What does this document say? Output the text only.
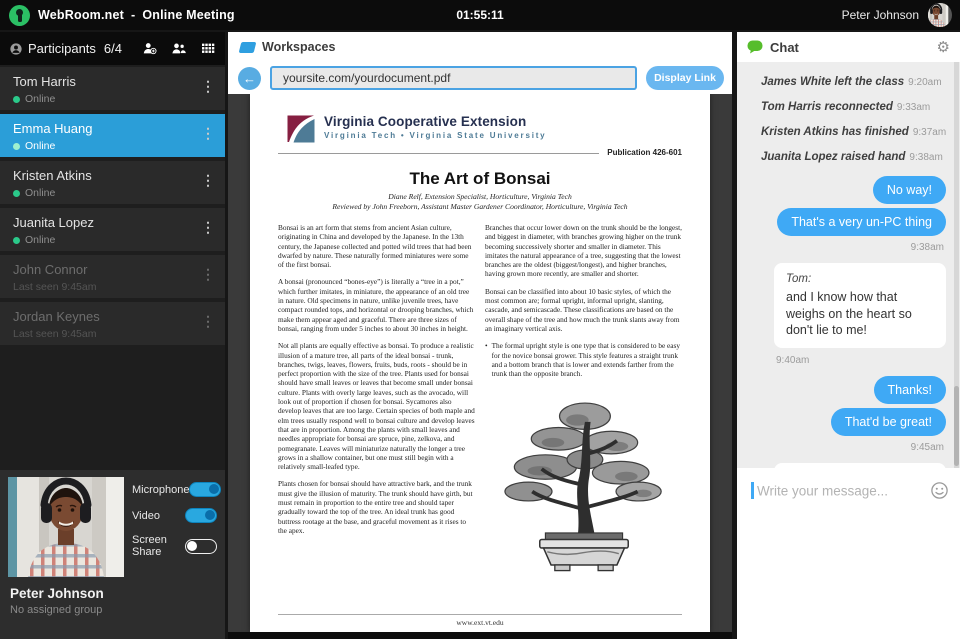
WebRoom.net - Online Meeting	01:55:11	Peter Johnson
Participants 6/4
Tom Harris
Online
⋮
Emma Huang
Online
⋮
Kristen Atkins
Online
⋮
Juanita Lopez
Online
⋮
John Connor
Last seen 9:45am
⋮
Jordan Keynes
Last seen 9:45am
⋮
Peter Johnson
No assigned group
Microphone
Video
Screen Share
Workspaces
←
yoursite.com/yourdocument.pdf	Display Link
Virginia Cooperative Extension
Virginia Tech • Virginia State University
Publication 426-601
The Art of Bonsai
Diane Relf, Extension Specialist, Horticulture, Virginia Tech
Reviewed by John Freeborn, Assistant Master Gardener Coordinator, Horticulture, Virginia Tech

Bonsai is an art form that stems from ancient Asian culture, originating in China and developed by the Japanese. In the 13th century, the Japanese collected and potted wild trees that had been dwarfed by nature. These naturally formed miniatures were some of the first bonsai.

A bonsai (pronounced “bones-eye”) is literally a “tree in a pot,” which further imitates, in miniature, the appearance of an old tree in nature. Old specimens in nature, unlike juvenile trees, have compact rounded tops, and horizontal or drooping branches, which make them appear aged and graceful. There are three sizes of bonsai, ranging from under 5 inches to about 30 inches in height.

Not all plants are equally effective as bonsai. To produce a realistic illusion of a mature tree, all parts of the ideal bonsai - trunk, branches, twigs, leaves, flowers, fruits, buds, roots - should be in perfect proportion with the size of the tree. Plants used for bonsai should have small leaves or leaves that become small under bonsai culture. Plants with overly large leaves, such as the avocado, will look out of proportion if chosen for bonsai. Sycamores also develop leaves that are too large. Certain species of both maple and elm trees usually respond well to bonsai culture and develop leaves that are in proportion. Among the plants with small leaves and needles appropriate for bonsai are spruce, pine, zelkova, and pomegranate. Leaves will miniaturize naturally the longer a tree grows in a shallow container, but one must still begin with a relatively small-leafed type.

Plants chosen for bonsai should have attractive bark, and the trunk must give the illusion of maturity. The trunk should have girth, but must remain in proportion to the entire tree and should taper gradually toward the top of the tree. An ideal trunk has good buttress rootage at the base, and graceful movement as it rises to the apex.

Branches that occur lower down on the trunk should be the longest, and biggest in diameter, with branches growing higher on the trunk becoming successively shorter and smaller in diameter. This imitates the natural appearance of a tree, suggesting that the lowest branches are the oldest (biggest/longest), and higher branches, having grown more recently, are smaller and shorter.

Bonsai can be classified into about 10 basic styles, of which the most common are; formal upright, informal upright, slanting, cascade, and semicascade. These classifications are based on the overall shape of the tree and how much the trunk slants away from an imaginary vertical axis.

• The formal upright style is one type that is considered to be easy for the novice bonsai grower. This style features a straight trunk and a bottom branch that is lower and extends farther from the trunk than the opposite branch.
www.ext.vt.edu
Chat	⚙
James White left the class 9:20am
Tom Harris reconnected 9:33am
Kristen Atkins has finished 9:37am
Juanita Lopez raised hand 9:38am
No way!
That's a very un-PC thing
9:38am
Tom:
and I know how that weighs on the heart so don't lie to me!
9:40am
Thanks!
That'd be great!
9:45am
Write your message...
